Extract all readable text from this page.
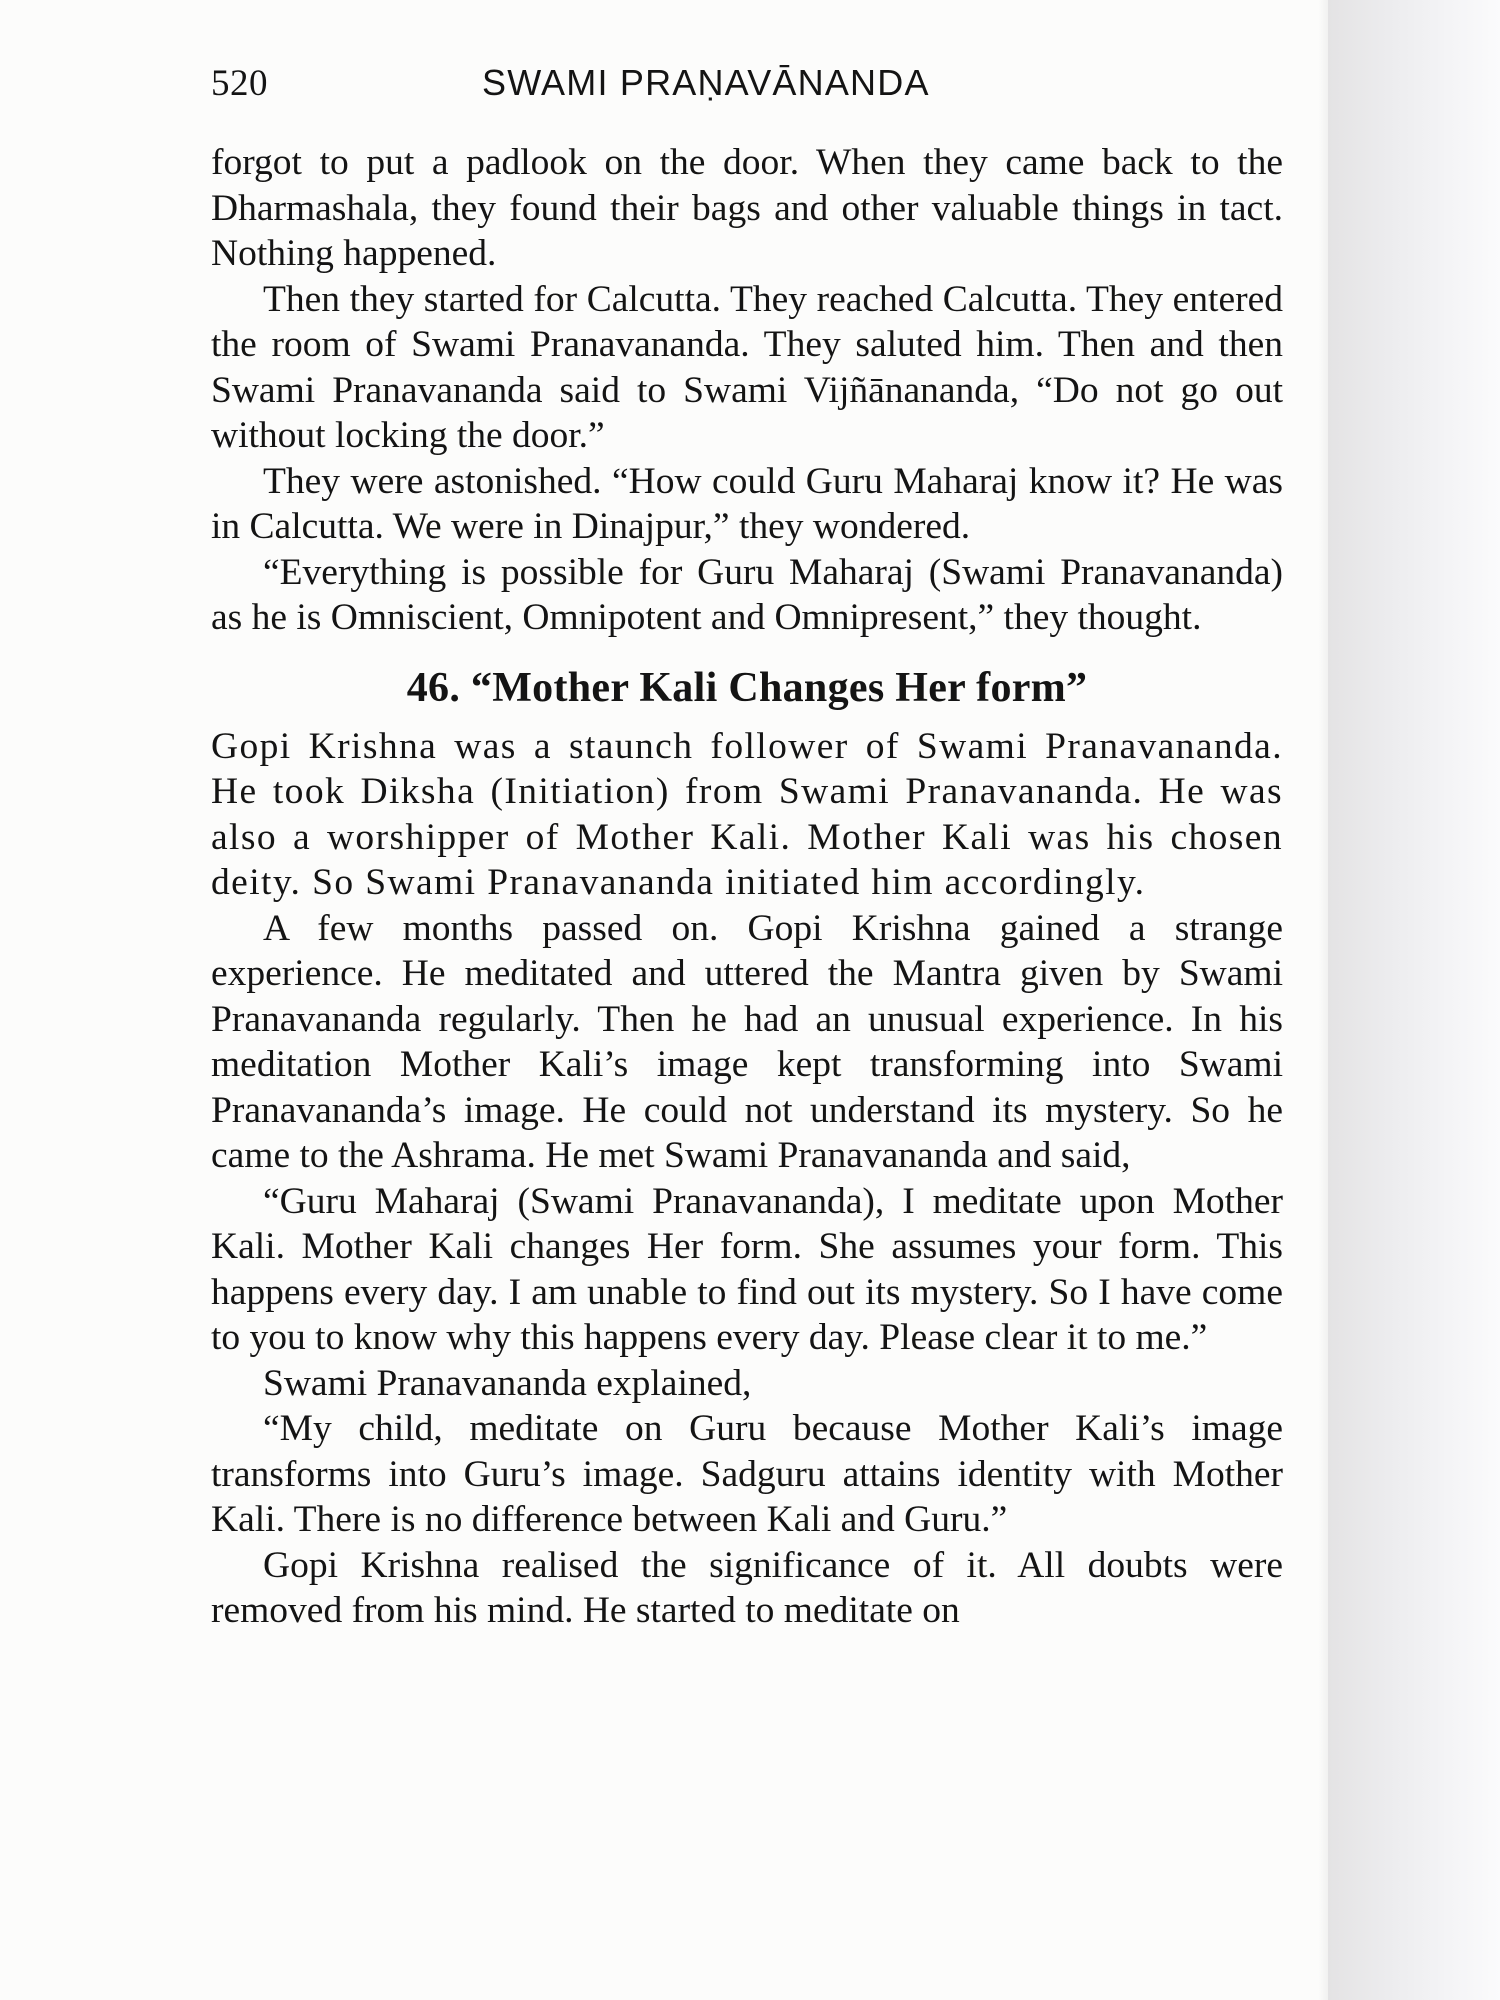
520	SWAMI PRAṆAVĀNANDA

forgot to put a padlook on the door. When they came back to the Dharmashala, they found their bags and other valuable things in tact. Nothing happened.

Then they started for Calcutta. They reached Calcutta. They entered the room of Swami Pranavananda. They saluted him. Then and then Swami Pranavananda said to Swami Vijñānananda, “Do not go out without locking the door.”

They were astonished. “How could Guru Maharaj know it? He was in Calcutta. We were in Dinajpur,” they wondered.

“Everything is possible for Guru Maharaj (Swami Pranavananda) as he is Omniscient, Omnipotent and Omnipresent,” they thought.

46. “Mother Kali Changes Her form”

Gopi Krishna was a staunch follower of Swami Pranavananda. He took Diksha (Initiation) from Swami Pranavananda. He was also a worshipper of Mother Kali. Mother Kali was his chosen deity. So Swami Pranavananda initiated him accordingly.

A few months passed on. Gopi Krishna gained a strange experience. He meditated and uttered the Mantra given by Swami Pranavananda regularly. Then he had an unusual experience. In his meditation Mother Kali’s image kept transforming into Swami Pranavananda’s image. He could not understand its mystery. So he came to the Ashrama. He met Swami Pranavananda and said,

“Guru Maharaj (Swami Pranavananda), I meditate upon Mother Kali. Mother Kali changes Her form. She assumes your form. This happens every day. I am unable to find out its mystery. So I have come to you to know why this happens every day. Please clear it to me.”

Swami Pranavananda explained,

“My child, meditate on Guru because Mother Kali’s image transforms into Guru’s image. Sadguru attains identity with Mother Kali. There is no difference between Kali and Guru.”

Gopi Krishna realised the significance of it. All doubts were removed from his mind. He started to meditate on
